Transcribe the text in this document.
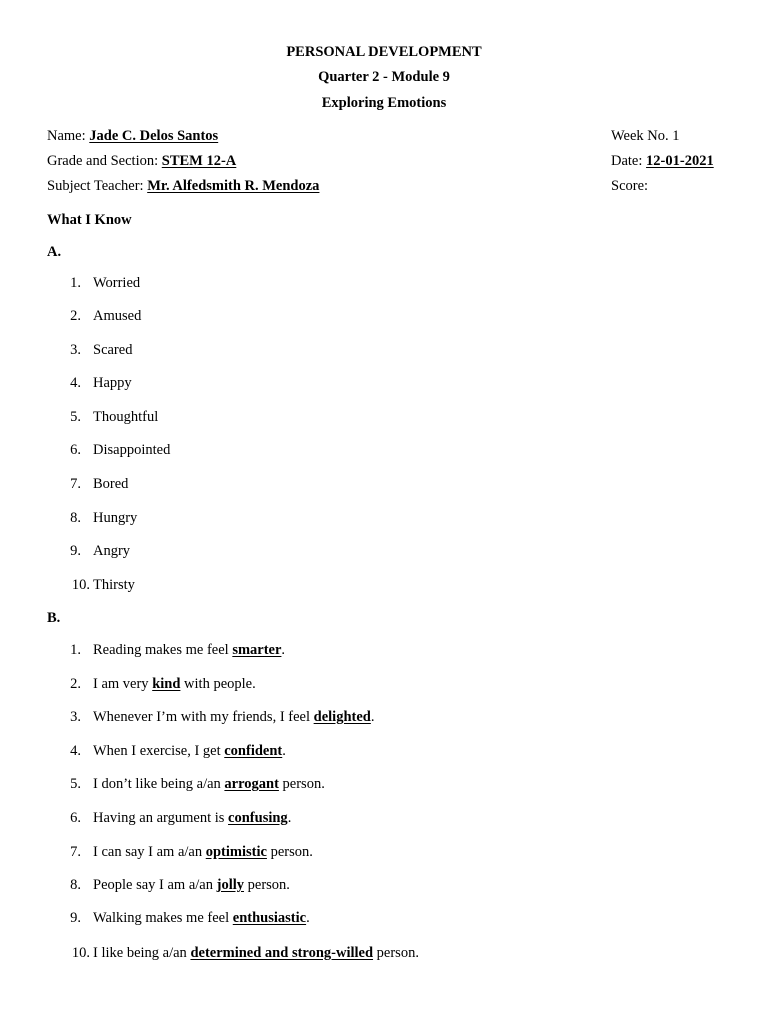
PERSONAL DEVELOPMENT
Quarter 2 - Module 9
Exploring Emotions
Name: Jade C. Delos Santos
Grade and Section: STEM 12-A
Subject Teacher: Mr. Alfedsmith R. Mendoza
Week No. 1
Date: 12-01-2021
Score:
What I Know
A.
1. Worried
2. Amused
3. Scared
4. Happy
5. Thoughtful
6. Disappointed
7. Bored
8. Hungry
9. Angry
10. Thirsty
B.
1. Reading makes me feel smarter.
2. I am very kind with people.
3. Whenever I’m with my friends, I feel delighted.
4. When I exercise, I get confident.
5. I don’t like being a/an arrogant person.
6. Having an argument is confusing.
7. I can say I am a/an optimistic person.
8. People say I am a/an jolly person.
9. Walking makes me feel enthusiastic.
10. I like being a/an determined and strong-willed person.
